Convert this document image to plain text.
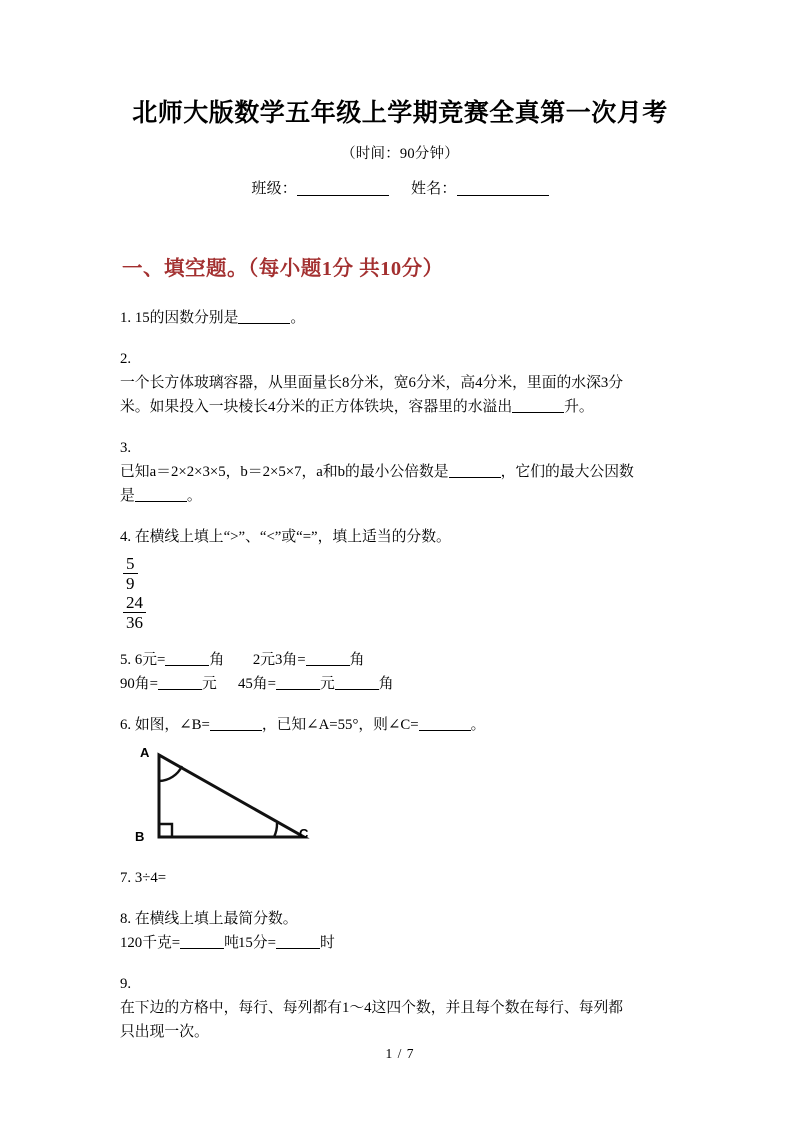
北师大版数学五年级上学期竞赛全真第一次月考

（时间：90分钟）

班级：	姓名：

一、填空题。（每小题1分 共10分）

1. 15的因数分别是	。

2.

一个长方体玻璃容器，从里面量长8分米，宽6分米，高4分米，里面的水深3分

米。如果投入一块棱长4分米的正方体铁块，容器里的水溢出	升。

3.

已知a＝2×2×3×5，b＝2×5×7，a和b的最小公倍数是	，它们的最大公因数

是	。

4. 在横线上填上“>”、“<”或“=”，填上适当的分数。

$\frac{5}{9}$
$\frac{24}{36}$

5. 6元=	角 2元3角=	角

90角=	元 45角=	元	角

6. 如图，∠B=	，已知∠A=55°，则∠C=	。

A
B	C

7. 3÷4=

8. 在横线上填上最简分数。

120千克=	吨15分=	时

9.

在下边的方格中，每行、每列都有1～4这四个数，并且每个数在每行、每列都

只出现一次。

1 / 7
